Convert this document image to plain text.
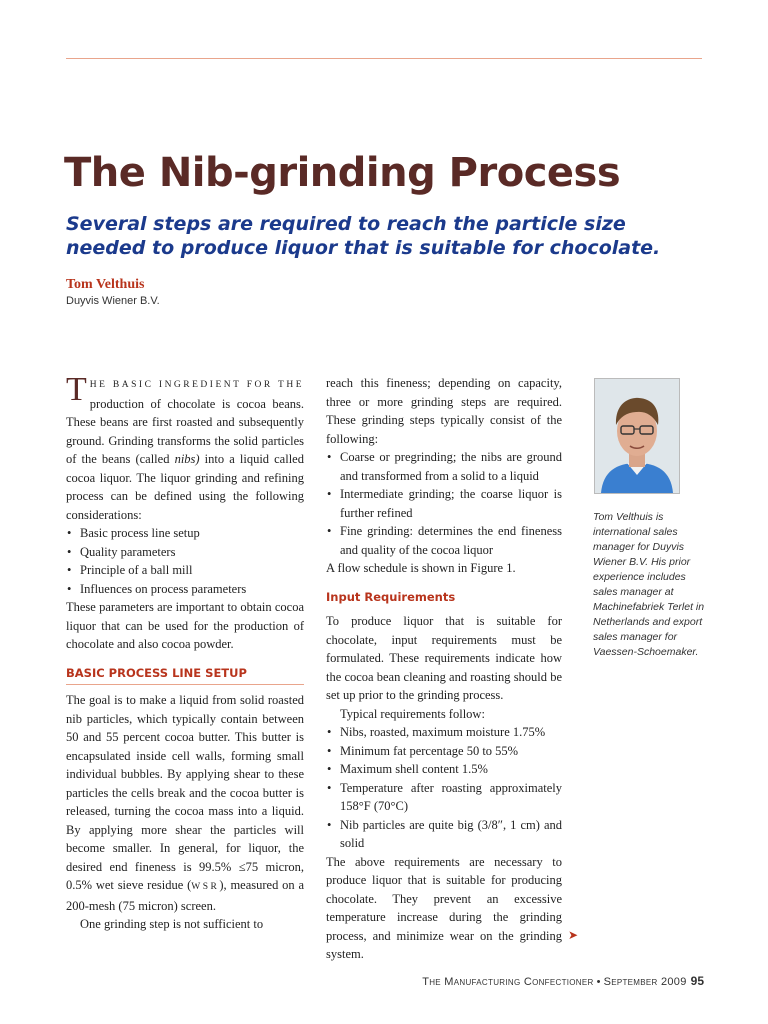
The Nib-grinding Process

Several steps are required to reach the particle size needed to produce liquor that is suitable for chocolate.

Tom Velthuis
Duyvis Wiener B.V.

THE BASIC INGREDIENT FOR THE production of chocolate is cocoa beans. These beans are first roasted and subsequently ground. Grinding transforms the solid particles of the beans (called nibs) into a liquid called cocoa liquor. The liquor grinding and refining process can be defined using the following considerations:

• Basic process line setup
• Quality parameters
• Principle of a ball mill
• Influences on process parameters

These parameters are important to obtain cocoa liquor that can be used for the production of chocolate and also cocoa powder.

BASIC PROCESS LINE SETUP

The goal is to make a liquid from solid roasted nib particles, which typically contain between 50 and 55 percent cocoa butter. This butter is encapsulated inside cell walls, forming small individual bubbles. By applying shear to these particles the cells break and the cocoa butter is released, turning the cocoa mass into a liquid. By applying more shear the particles will become smaller. In general, for liquor, the desired end fineness is 99.5% ≤75 micron, 0.5% wet sieve residue (WSR), measured on a 200-mesh (75 micron) screen.

One grinding step is not sufficient to

reach this fineness; depending on capacity, three or more grinding steps are required. These grinding steps typically consist of the following:

• Coarse or pregrinding; the nibs are ground and transformed from a solid to a liquid
• Intermediate grinding; the coarse liquor is further refined
• Fine grinding: determines the end fineness and quality of the cocoa liquor

A flow schedule is shown in Figure 1.

Input Requirements

To produce liquor that is suitable for chocolate, input requirements must be formulated. These requirements indicate how the cocoa bean cleaning and roasting should be set up prior to the grinding process.

Typical requirements follow:

• Nibs, roasted, maximum moisture 1.75%
• Minimum fat percentage 50 to 55%
• Maximum shell content 1.5%
• Temperature after roasting approximately 158°F (70°C)
• Nib particles are quite big (3/8″, 1 cm) and solid

The above requirements are necessary to produce liquor that is suitable for producing chocolate. They prevent an excessive temperature increase during the grinding process, and minimize wear on the grinding system.

Tom Velthuis is international sales manager for Duyvis Wiener B.V. His prior experience includes sales manager at Machinefabriek Terlet in Netherlands and export sales manager for Vaessen-Schoemaker.
➤
The Manufacturing Confectioner • September 2009 95
